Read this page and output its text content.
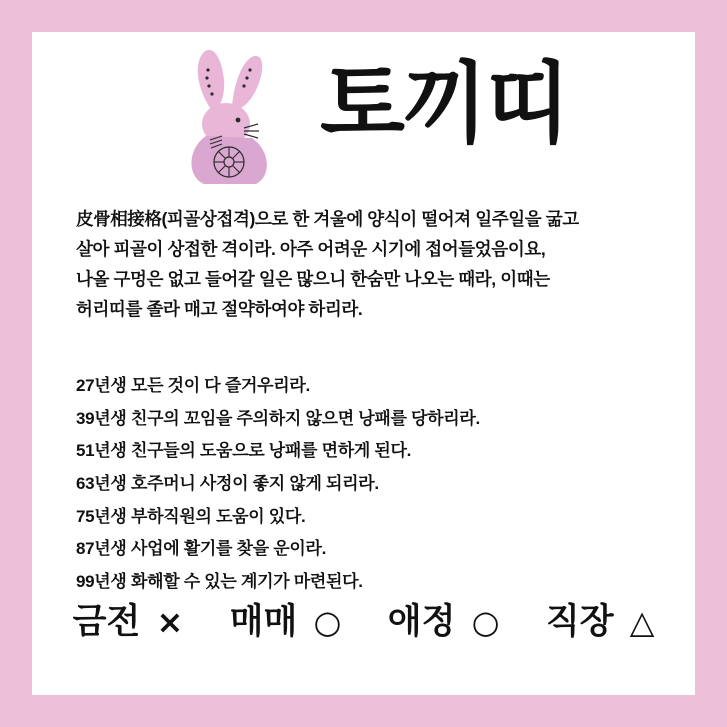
토끼띠
皮骨相接格(피골상접격)으로 한 겨울에 양식이 떨어져 일주일을 굶고
살아 피골이 상접한 격이라. 아주 어려운 시기에 접어들었음이요,
나올 구멍은 없고 들어갈 일은 많으니 한숨만 나오는 때라, 이때는
허리띠를 졸라 매고 절약하여야 하리라.
27년생 모든 것이 다 즐거우리라.
39년생 친구의 꼬임을 주의하지 않으면 낭패를 당하리라.
51년생 친구들의 도움으로 낭패를 면하게 된다.
63년생 호주머니 사정이 좋지 않게 되리라.
75년생 부하직원의 도움이 있다.
87년생 사업에 활기를 찾을 운이라.
99년생 화해할 수 있는 계기가 마련된다.
금전 × 매매 ○ 애정 ○ 직장 △
